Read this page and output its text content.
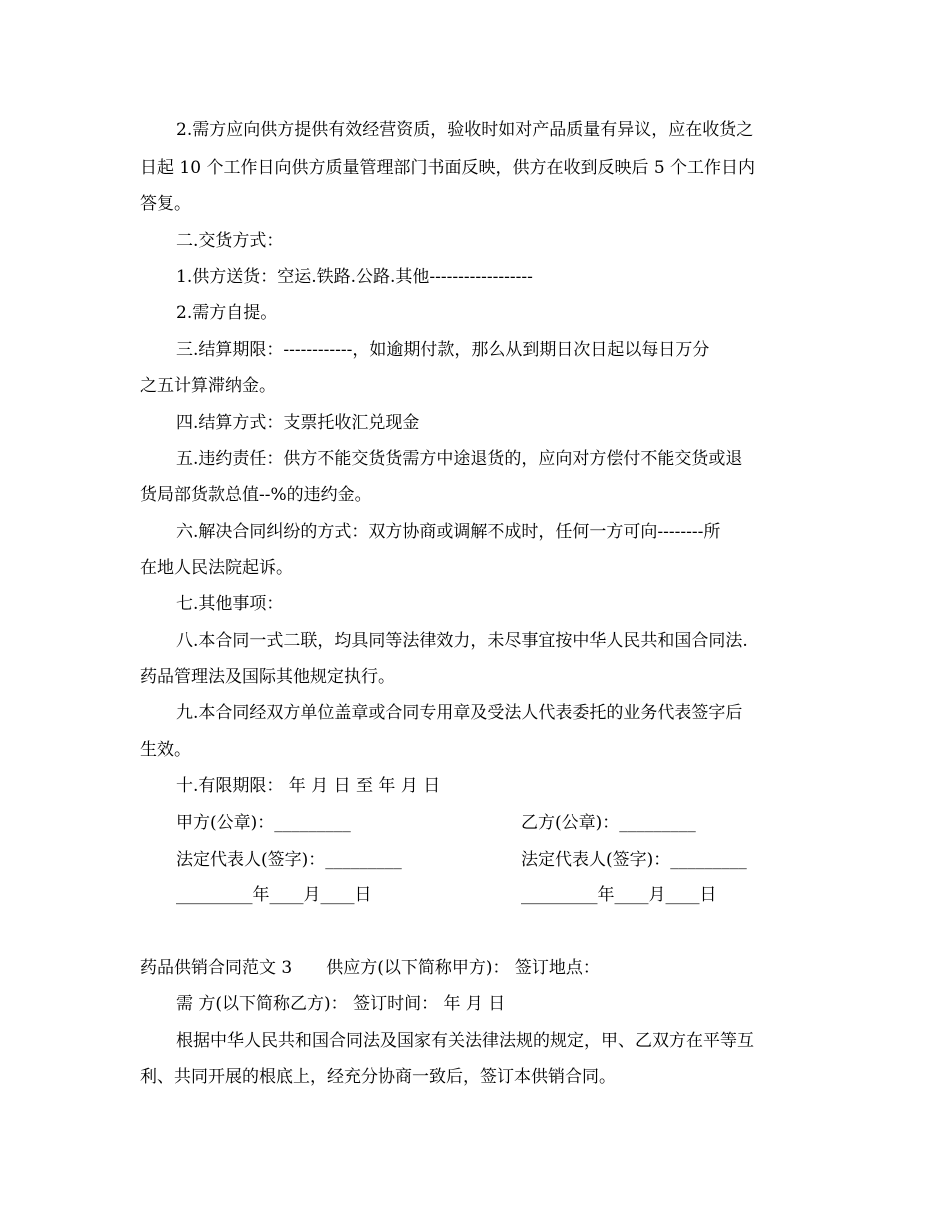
2.需方应向供方提供有效经营资质，验收时如对产品质量有异议，应在收货之
日起 10 个工作日向供方质量管理部门书面反映，供方在收到反映后 5 个工作日内
答复。
二.交货方式：
1.供方送货：空运.铁路.公路.其他------------------
2.需方自提。
三.结算期限：------------，如逾期付款，那么从到期日次日起以每日万分
之五计算滞纳金。
四.结算方式：支票托收汇兑现金
五.违约责任：供方不能交货货需方中途退货的，应向对方偿付不能交货或退
货局部货款总值--%的违约金。
六.解决合同纠纷的方式：双方协商或调解不成时，任何一方可向--------所
在地人民法院起诉。
七.其他事项：
八.本合同一式二联，均具同等法律效力，未尽事宜按中华人民共和国合同法.
药品管理法及国际其他规定执行。
九.本合同经双方单位盖章或合同专用章及受法人代表委托的业务代表签字后
生效。
十.有限期限： 年 月 日 至 年 月 日
甲方(公章)：_________	乙方(公章)：_________
法定代表人(签字)：_________	法定代表人(签字)：_________
_________年____月____日	_________年____月____日
药品供销合同范文 3　　供应方(以下简称甲方)： 签订地点：
需 方(以下简称乙方)： 签订时间： 年 月 日
根据中华人民共和国合同法及国家有关法律法规的规定，甲、乙双方在平等互
利、共同开展的根底上，经充分协商一致后，签订本供销合同。
